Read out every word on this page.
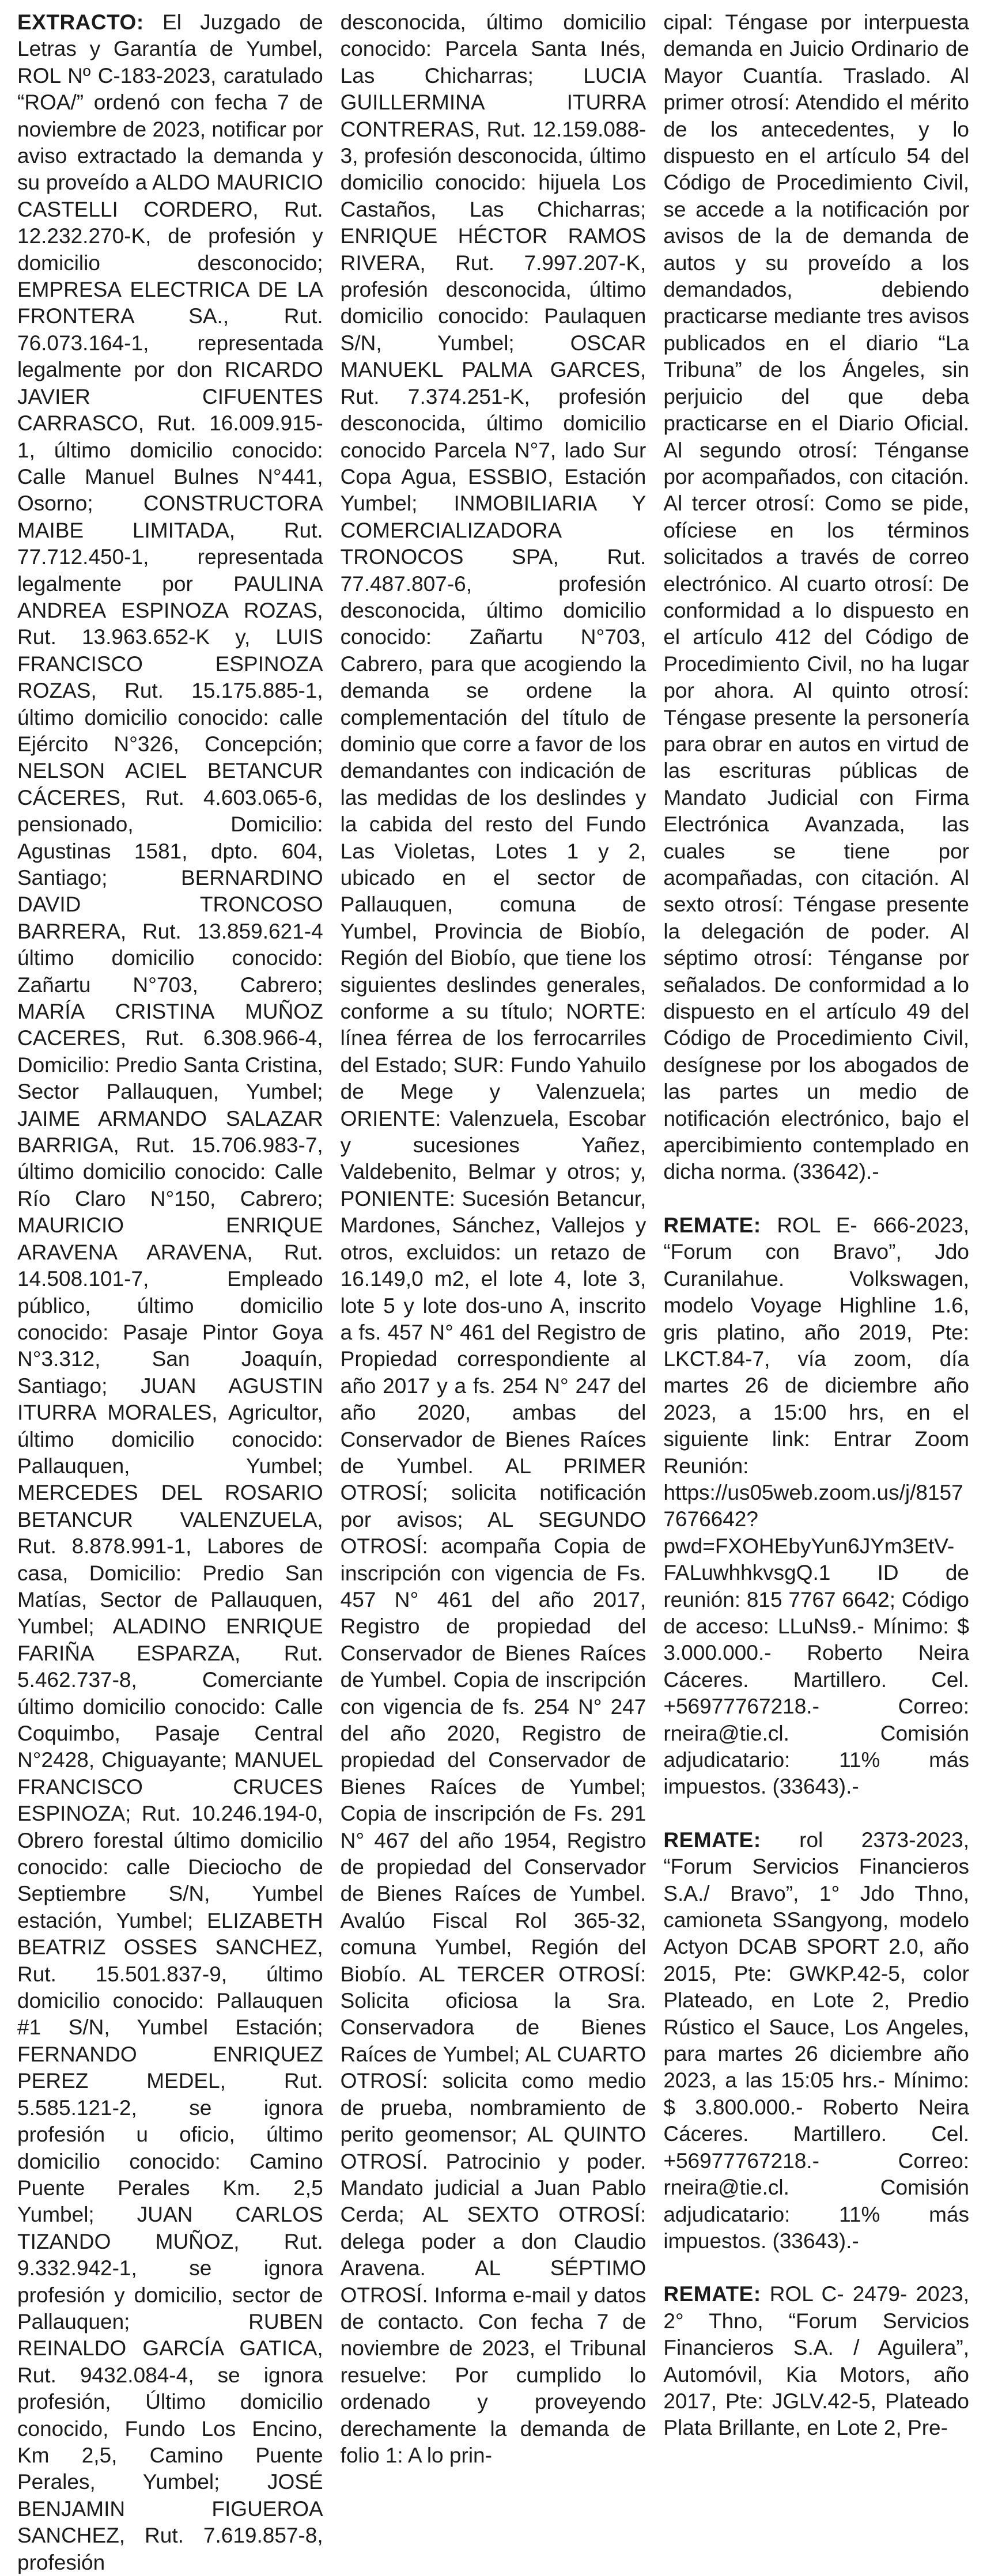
EXTRACTO: El Juzgado de Letras y Garantía de Yumbel, ROL Nº C-183-2023, caratulado “ROA/” ordenó con fecha 7 de noviembre de 2023, notificar por aviso extractado la demanda y su proveído a ALDO MAURICIO CASTELLI CORDERO, Rut. 12.232.270-K, de profesión y domicilio desconocido; EMPRESA ELECTRICA DE LA FRONTERA SA., Rut. 76.073.164-1, representada legalmente por don RICARDO JAVIER CIFUENTES CARRASCO, Rut. 16.009.915-1, último domicilio conocido: Calle Manuel Bulnes N°441, Osorno; CONSTRUCTORA MAIBE LIMITADA, Rut. 77.712.450-1, representada legalmente por PAULINA ANDREA ESPINOZA ROZAS, Rut. 13.963.652-K y, LUIS FRANCISCO ESPINOZA ROZAS, Rut. 15.175.885-1, último domicilio conocido: calle Ejército N°326, Concepción; NELSON ACIEL BETANCUR CÁCERES, Rut. 4.603.065-6, pensionado, Domicilio: Agustinas 1581, dpto. 604, Santiago; BERNARDINO DAVID TRONCOSO BARRERA, Rut. 13.859.621-4 último domicilio conocido: Zañartu N°703, Cabrero; MARÍA CRISTINA MUÑOZ CACERES, Rut. 6.308.966-4, Domicilio: Predio Santa Cristina, Sector Pallauquen, Yumbel; JAIME ARMANDO SALAZAR BARRIGA, Rut. 15.706.983-7, último domicilio conocido: Calle Río Claro N°150, Cabrero; MAURICIO ENRIQUE ARAVENA ARAVENA, Rut. 14.508.101-7, Empleado público, último domicilio conocido: Pasaje Pintor Goya N°3.312, San Joaquín, Santiago; JUAN AGUSTIN ITURRA MORALES, Agricultor, último domicilio conocido: Pallauquen, Yumbel; MERCEDES DEL ROSARIO BETANCUR VALENZUELA, Rut. 8.878.991-1, Labores de casa, Domicilio: Predio San Matías, Sector de Pallauquen, Yumbel; ALADINO ENRIQUE FARIÑA ESPARZA, Rut. 5.462.737-8, Comerciante último domicilio conocido: Calle Coquimbo, Pasaje Central N°2428, Chiguayante; MANUEL FRANCISCO CRUCES ESPINOZA; Rut. 10.246.194-0, Obrero forestal último domicilio conocido: calle Dieciocho de Septiembre S/N, Yumbel estación, Yumbel; ELIZABETH BEATRIZ OSSES SANCHEZ, Rut. 15.501.837-9, último domicilio conocido: Pallauquen #1 S/N, Yumbel Estación; FERNANDO ENRIQUEZ PEREZ MEDEL, Rut. 5.585.121-2, se ignora profesión u oficio, último domicilio conocido: Camino Puente Perales Km. 2,5 Yumbel; JUAN CARLOS TIZANDO MUÑOZ, Rut. 9.332.942-1, se ignora profesión y domicilio, sector de Pallauquen; RUBEN REINALDO GARCÍA GATICA, Rut. 9432.084-4, se ignora profesión, Último domicilio conocido, Fundo Los Encino, Km 2,5, Camino Puente Perales, Yumbel; JOSÉ BENJAMIN FIGUEROA SANCHEZ, Rut. 7.619.857-8, profesión

desconocida, último domicilio conocido: Parcela Santa Inés, Las Chicharras; LUCIA GUILLERMINA ITURRA CONTRERAS, Rut. 12.159.088-3, profesión desconocida, último domicilio conocido: hijuela Los Castaños, Las Chicharras; ENRIQUE HÉCTOR RAMOS RIVERA, Rut. 7.997.207-K, profesión desconocida, último domicilio conocido: Paulaquen S/N, Yumbel; OSCAR MANUEKL PALMA GARCES, Rut. 7.374.251-K, profesión desconocida, último domicilio conocido Parcela N°7, lado Sur Copa Agua, ESSBIO, Estación Yumbel; INMOBILIARIA Y COMERCIALIZADORA TRONOCOS SPA, Rut. 77.487.807-6, profesión desconocida, último domicilio conocido: Zañartu N°703, Cabrero, para que acogiendo la demanda se ordene la complementación del título de dominio que corre a favor de los demandantes con indicación de las medidas de los deslindes y la cabida del resto del Fundo Las Violetas, Lotes 1 y 2, ubicado en el sector de Pallauquen, comuna de Yumbel, Provincia de Biobío, Región del Biobío, que tiene los siguientes deslindes generales, conforme a su título; NORTE: línea férrea de los ferrocarriles del Estado; SUR: Fundo Yahuilo de Mege y Valenzuela; ORIENTE: Valenzuela, Escobar y sucesiones Yañez, Valdebenito, Belmar y otros; y, PONIENTE: Sucesión Betancur, Mardones, Sánchez, Vallejos y otros, excluidos: un retazo de 16.149,0 m2, el lote 4, lote 3, lote 5 y lote dos-uno A, inscrito a fs. 457 N° 461 del Registro de Propiedad correspondiente al año 2017 y a fs. 254 N° 247 del año 2020, ambas del Conservador de Bienes Raíces de Yumbel. AL PRIMER OTROSÍ; solicita notificación por avisos; AL SEGUNDO OTROSÍ: acompaña Copia de inscripción con vigencia de Fs. 457 N° 461 del año 2017, Registro de propiedad del Conservador de Bienes Raíces de Yumbel. Copia de inscripción con vigencia de fs. 254 N° 247 del año 2020, Registro de propiedad del Conservador de Bienes Raíces de Yumbel; Copia de inscripción de Fs. 291 N° 467 del año 1954, Registro de propiedad del Conservador de Bienes Raíces de Yumbel. Avalúo Fiscal Rol 365-32, comuna Yumbel, Región del Biobío. AL TERCER OTROSÍ: Solicita oficiosa la Sra. Conservadora de Bienes Raíces de Yumbel; AL CUARTO OTROSÍ: solicita como medio de prueba, nombramiento de perito geomensor; AL QUINTO OTROSÍ. Patrocinio y poder. Mandato judicial a Juan Pablo Cerda; AL SEXTO OTROSÍ: delega poder a don Claudio Aravena. AL SÉPTIMO OTROSÍ. Informa e-mail y datos de contacto. Con fecha 7 de noviembre de 2023, el Tribunal resuelve: Por cumplido lo ordenado y proveyendo derechamente la demanda de folio 1: A lo prin-

cipal: Téngase por interpuesta demanda en Juicio Ordinario de Mayor Cuantía. Traslado. Al primer otrosí: Atendido el mérito de los antecedentes, y lo dispuesto en el artículo 54 del Código de Procedimiento Civil, se accede a la notificación por avisos de la de demanda de autos y su proveído a los demandados, debiendo practicarse mediante tres avisos publicados en el diario “La Tribuna” de los Ángeles, sin perjuicio del que deba practicarse en el Diario Oficial. Al segundo otrosí: Ténganse por acompañados, con citación. Al tercer otrosí: Como se pide, ofíciese en los términos solicitados a través de correo electrónico. Al cuarto otrosí: De conformidad a lo dispuesto en el artículo 412 del Código de Procedimiento Civil, no ha lugar por ahora. Al quinto otrosí: Téngase presente la personería para obrar en autos en virtud de las escrituras públicas de Mandato Judicial con Firma Electrónica Avanzada, las cuales se tiene por acompañadas, con citación. Al sexto otrosí: Téngase presente la delegación de poder. Al séptimo otrosí: Ténganse por señalados. De conformidad a lo dispuesto en el artículo 49 del Código de Procedimiento Civil, desígnese por los abogados de las partes un medio de notificación electrónico, bajo el apercibimiento contemplado en dicha norma. (33642).-

REMATE: ROL E- 666-2023, “Forum con Bravo”, Jdo Curanilahue. Volkswagen, modelo Voyage Highline 1.6, gris platino, año 2019, Pte: LKCT.84-7, vía zoom, día martes 26 de diciembre año 2023, a 15:00 hrs, en el siguiente link: Entrar Zoom Reunión: https://us05web.zoom.us/j/81577676642?pwd=FXOHEbyYun6JYm3EtV-FALuwhhkvsgQ.1 ID de reunión: 815 7767 6642; Código de acceso: LLuNs9.- Mínimo: $ 3.000.000.- Roberto Neira Cáceres. Martillero. Cel. +56977767218.- Correo: rneira@tie.cl. Comisión adjudicatario: 11% más impuestos. (33643).-

REMATE: rol 2373-2023, “Forum Servicios Financieros S.A./ Bravo”, 1° Jdo Thno, camioneta SSangyong, modelo Actyon DCAB SPORT 2.0, año 2015, Pte: GWKP.42-5, color Plateado, en Lote 2, Predio Rústico el Sauce, Los Angeles, para martes 26 diciembre año 2023, a las 15:05 hrs.- Mínimo: $ 3.800.000.- Roberto Neira Cáceres. Martillero. Cel. +56977767218.- Correo: rneira@tie.cl. Comisión adjudicatario: 11% más impuestos. (33643).-

REMATE: ROL C- 2479- 2023, 2° Thno, “Forum Servicios Financieros S.A. / Aguilera”, Automóvil, Kia Motors, año 2017, Pte: JGLV.42-5, Plateado Plata Brillante, en Lote 2, Pre-
